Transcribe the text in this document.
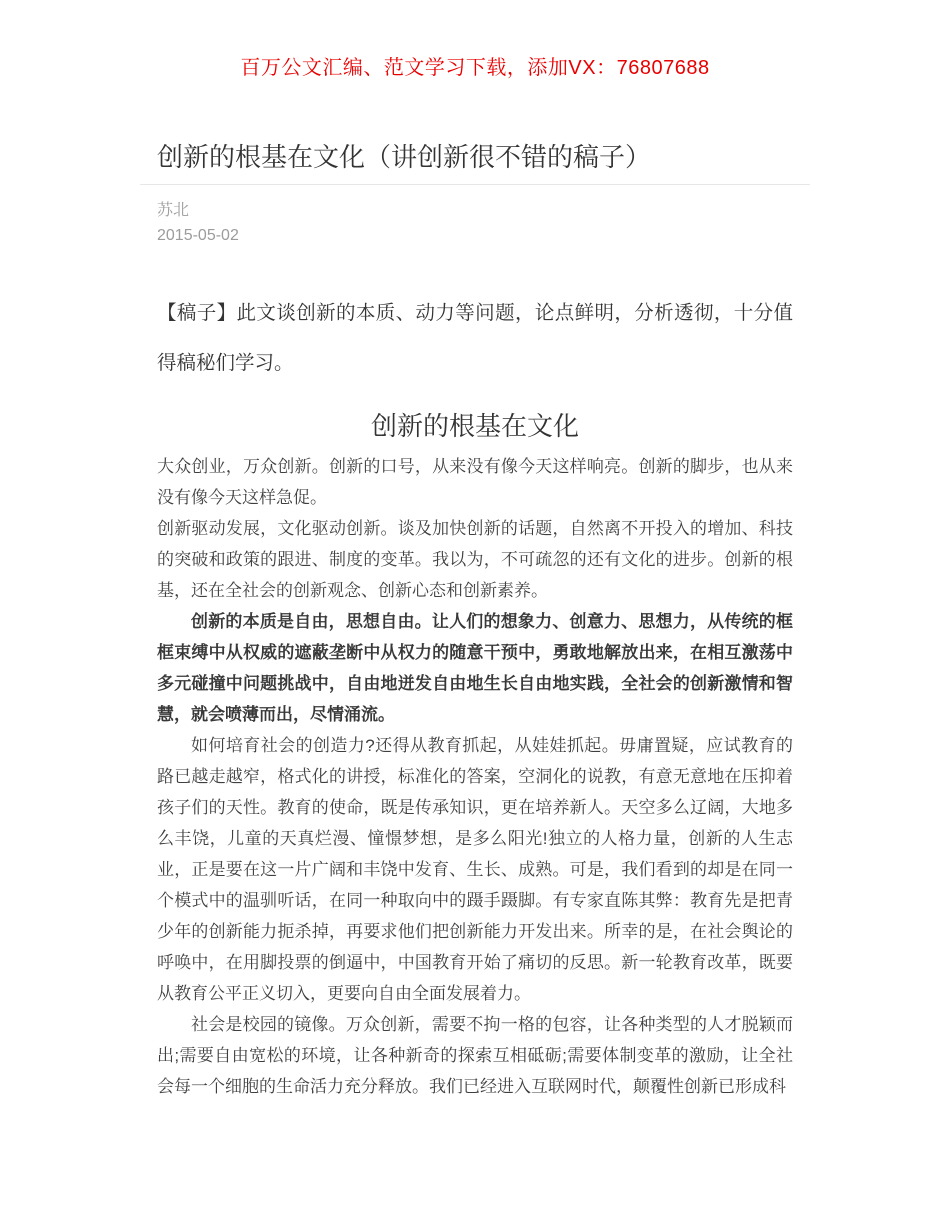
百万公文汇编、范文学习下载，添加VX：76807688
创新的根基在文化（讲创新很不错的稿子）
苏北
2015-05-02

【稿子】此文谈创新的本质、动力等问题，论点鲜明，分析透彻，十分值得稿秘们学习。

创新的根基在文化

大众创业，万众创新。创新的口号，从来没有像今天这样响亮。创新的脚步，也从来没有像今天这样急促。

创新驱动发展，文化驱动创新。谈及加快创新的话题，自然离不开投入的增加、科技的突破和政策的跟进、制度的变革。我以为，不可疏忽的还有文化的进步。创新的根基，还在全社会的创新观念、创新心态和创新素养。

创新的本质是自由，思想自由。让人们的想象力、创意力、思想力，从传统的框框束缚中从权威的遮蔽垄断中从权力的随意干预中，勇敢地解放出来，在相互激荡中多元碰撞中问题挑战中，自由地迸发自由地生长自由地实践，全社会的创新激情和智慧，就会喷薄而出，尽情涌流。

如何培育社会的创造力?还得从教育抓起，从娃娃抓起。毋庸置疑，应试教育的路已越走越窄，格式化的讲授，标准化的答案，空洞化的说教，有意无意地在压抑着孩子们的天性。教育的使命，既是传承知识，更在培养新人。天空多么辽阔，大地多么丰饶，儿童的天真烂漫、憧憬梦想，是多么阳光!独立的人格力量，创新的人生志业，正是要在这一片广阔和丰饶中发育、生长、成熟。可是，我们看到的却是在同一个模式中的温驯听话，在同一种取向中的蹑手蹑脚。有专家直陈其弊：教育先是把青少年的创新能力扼杀掉，再要求他们把创新能力开发出来。所幸的是，在社会舆论的呼唤中，在用脚投票的倒逼中，中国教育开始了痛切的反思。新一轮教育改革，既要从教育公平正义切入，更要向自由全面发展着力。

社会是校园的镜像。万众创新，需要不拘一格的包容，让各种类型的人才脱颖而出;需要自由宽松的环境，让各种新奇的探索互相砥砺;需要体制变革的激励，让全社会每一个细胞的生命活力充分释放。我们已经进入互联网时代，颠覆性创新已形成科
